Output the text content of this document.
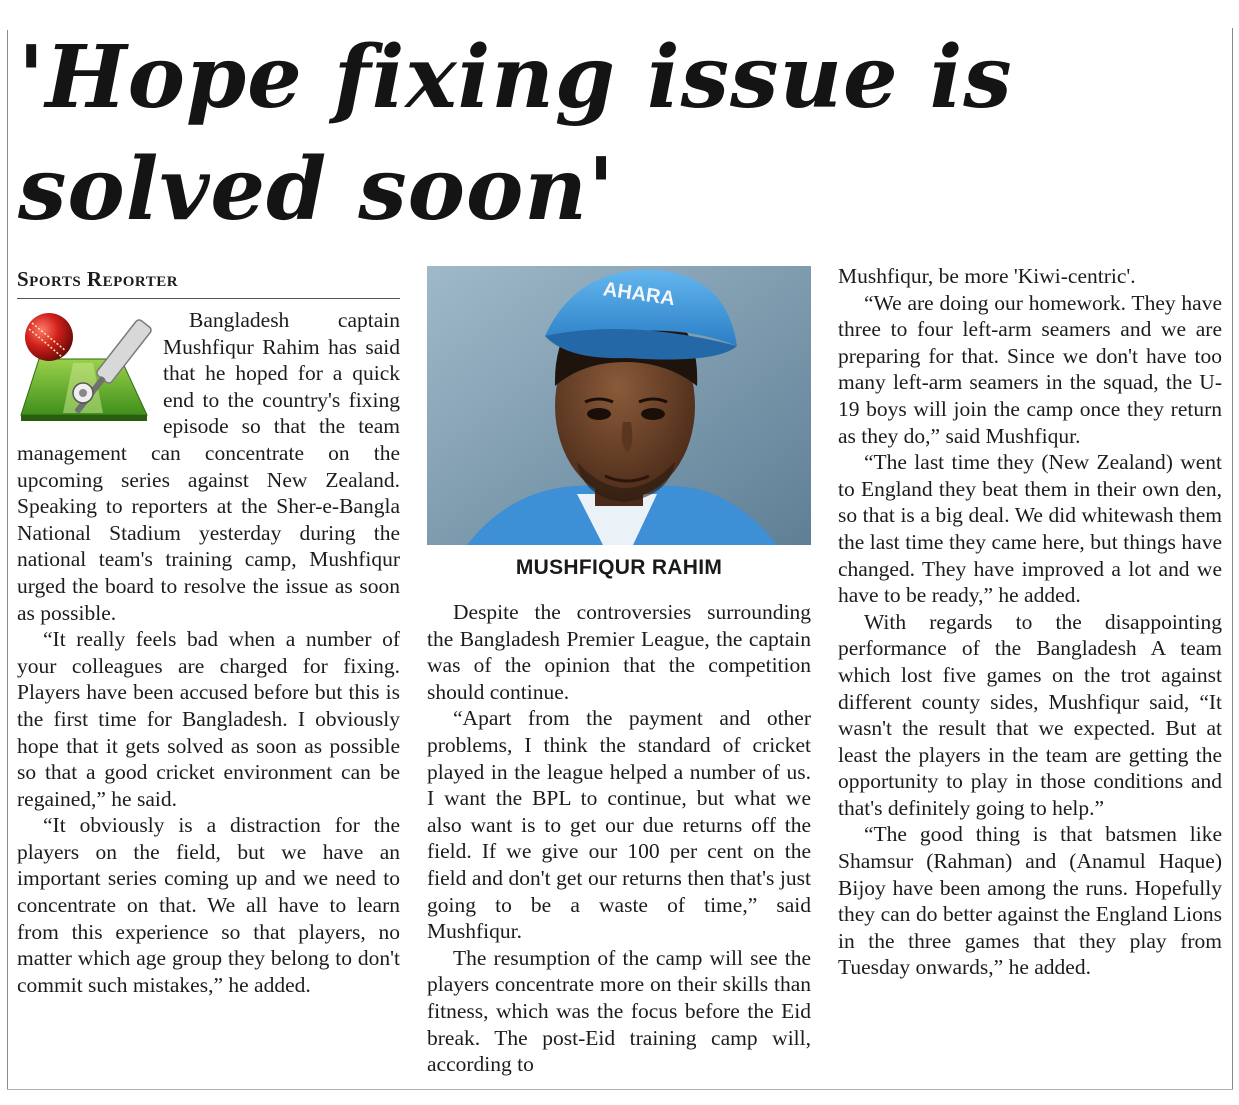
'Hope fixing issue is solved soon'
Sports Reporter

Bangladesh captain Mushfiqur Rahim has said that he hoped for a quick end to the country's fixing episode so that the team management can concentrate on the upcoming series against New Zealand. Speaking to reporters at the Sher-e-Bangla National Stadium yesterday during the national team's training camp, Mushfiqur urged the board to resolve the issue as soon as possible.

“It really feels bad when a number of your colleagues are charged for fixing. Players have been accused before but this is the first time for Bangladesh. I obviously hope that it gets solved as soon as possible so that a good cricket environment can be regained,” he said.

“It obviously is a distraction for the players on the field, but we have an important series coming up and we need to concentrate on that. We all have to learn from this experience so that players, no matter which age group they belong to don't commit such mistakes,” he added.

AHARA
MUSHFIQUR RAHIM

Despite the controversies surrounding the Bangladesh Premier League, the captain was of the opinion that the competition should continue.

“Apart from the payment and other problems, I think the standard of cricket played in the league helped a number of us. I want the BPL to continue, but what we also want is to get our due returns off the field. If we give our 100 per cent on the field and don't get our returns then that's just going to be a waste of time,” said Mushfiqur.

The resumption of the camp will see the players concentrate more on their skills than fitness, which was the focus before the Eid break. The post-Eid training camp will, according to

Mushfiqur, be more 'Kiwi-centric'.

“We are doing our homework. They have three to four left-arm seamers and we are preparing for that. Since we don't have too many left-arm seamers in the squad, the U-19 boys will join the camp once they return as they do,” said Mushfiqur.

“The last time they (New Zealand) went to England they beat them in their own den, so that is a big deal. We did whitewash them the last time they came here, but things have changed. They have improved a lot and we have to be ready,” he added.

With regards to the disappointing performance of the Bangladesh A team which lost five games on the trot against different county sides, Mushfiqur said, “It wasn't the result that we expected. But at least the players in the team are getting the opportunity to play in those conditions and that's definitely going to help.”

“The good thing is that batsmen like Shamsur (Rahman) and (Anamul Haque) Bijoy have been among the runs. Hopefully they can do better against the England Lions in the three games that they play from Tuesday onwards,” he added.
